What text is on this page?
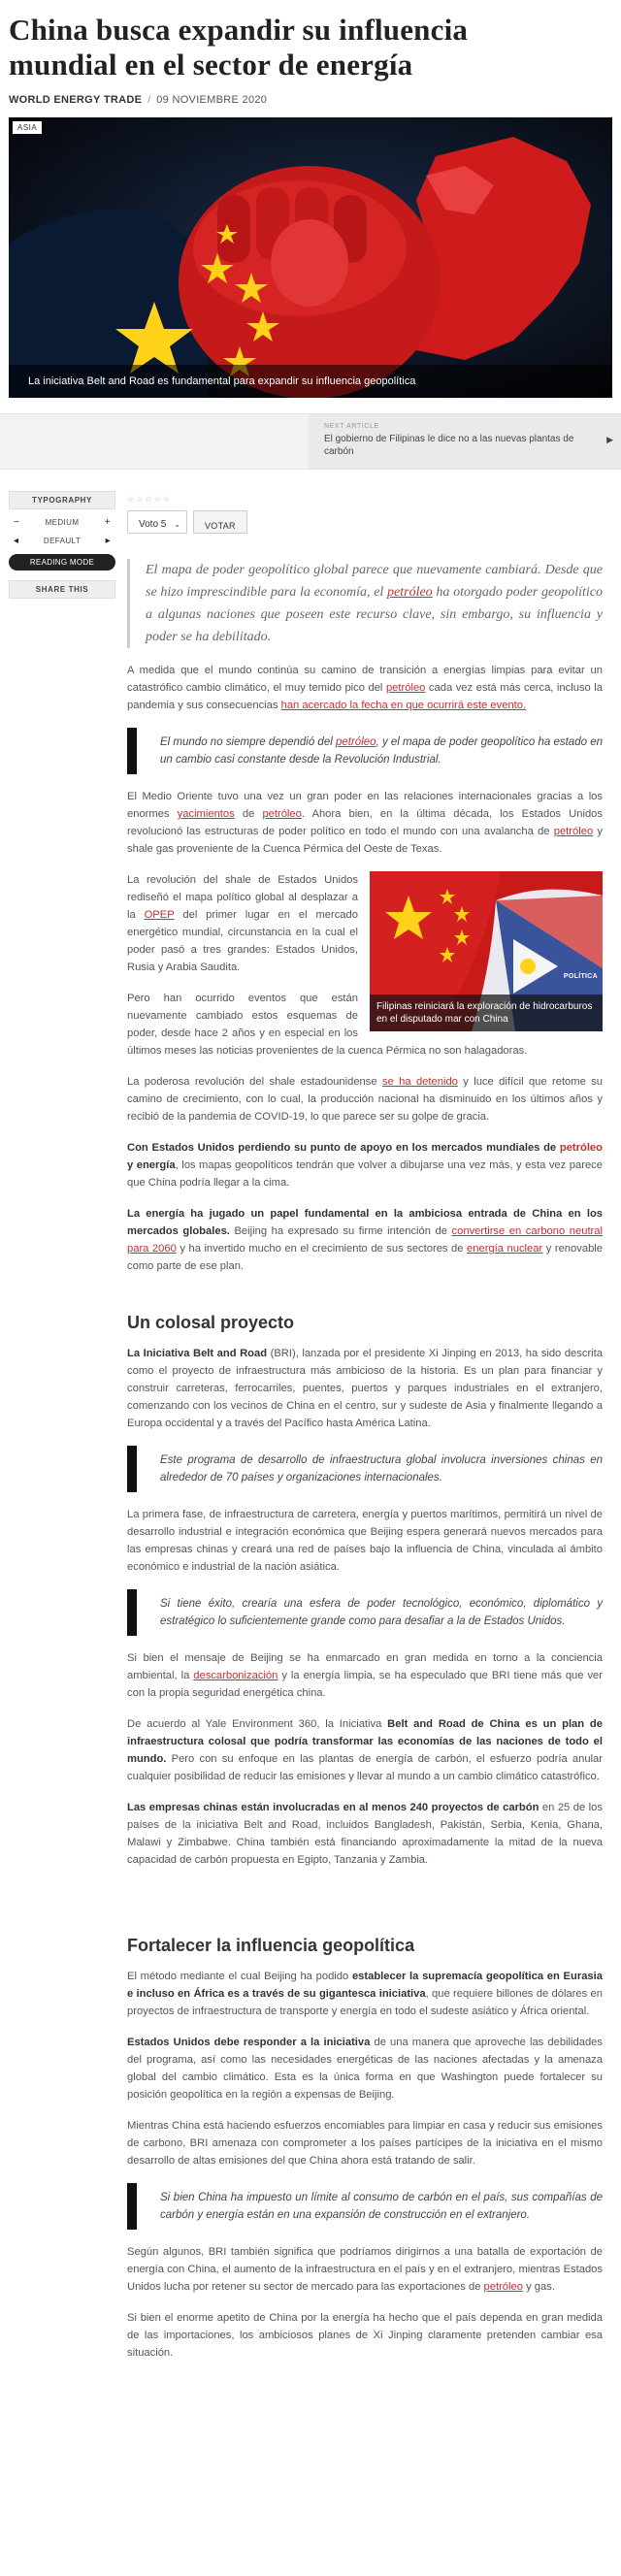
China busca expandir su influencia
mundial en el sector de energía
WORLD ENERGY TRADE / 09 NOVIEMBRE 2020
ASIA
La iniciativa Belt and Road es fundamental para expandir su influencia geopolítica
NEXT ARTICLE
El gobierno de Filipinas le dice no a las nuevas plantas de carbón
▶
TYPOGRAPHY
−	MEDIUM	+
◂	DEFAULT	▸
READING MODE
SHARE THIS
☆☆☆☆☆
Voto 5 ⌄	VOTAR
El mapa de poder geopolítico global parece que nuevamente cambiará. Desde que se hizo imprescindible para la economía, el petróleo ha otorgado poder geopolítico a algunas naciones que poseen este recurso clave, sin embargo, su influencia y poder se ha debilitado.

A medida que el mundo continúa su camino de transición a energías limpias para evitar un catastrófico cambio climático, el muy temido pico del petróleo cada vez está más cerca, incluso la pandemia y sus consecuencias han acercado la fecha en que ocurrirá este evento.

El mundo no siempre dependió del petróleo, y el mapa de poder geopolítico ha estado en un cambio casi constante desde la Revolución Industrial.

El Medio Oriente tuvo una vez un gran poder en las relaciones internacionales gracias a los enormes yacimientos de petróleo. Ahora bien, en la última década, los Estados Unidos revolucionó las estructuras de poder político en todo el mundo con una avalancha de petróleo y shale gas proveniente de la Cuenca Pérmica del Oeste de Texas.

POLÍTICA
Filipinas reiniciará la exploración de hidrocarburos en el disputado mar con China
La revolución del shale de Estados Unidos rediseñó el mapa político global al desplazar a la OPEP del primer lugar en el mercado energético mundial, circunstancia en la cual el poder pasó a tres grandes: Estados Unidos, Rusia y Arabia Saudita.

Pero han ocurrido eventos que están nuevamente cambiado estos esquemas de poder, desde hace 2 años y en especial en los últimos meses las noticias provenientes de la cuenca Pérmica no son halagadoras.

La poderosa revolución del shale estadounidense se ha detenido y luce difícil que retome su camino de crecimiento, con lo cual, la producción nacional ha disminuido en los últimos años y recibió de la pandemia de COVID-19, lo que parece ser su golpe de gracia.

Con Estados Unidos perdiendo su punto de apoyo en los mercados mundiales de petróleo y energía, los mapas geopolíticos tendrán que volver a dibujarse una vez más, y esta vez parece que China podría llegar a la cima.

La energía ha jugado un papel fundamental en la ambiciosa entrada de China en los mercados globales. Beijing ha expresado su firme intención de convertirse en carbono neutral para 2060 y ha invertido mucho en el crecimiento de sus sectores de energía nuclear y renovable como parte de ese plan.

Un colosal proyecto

La Iniciativa Belt and Road (BRI), lanzada por el presidente Xi Jinping en 2013, ha sido descrita como el proyecto de infraestructura más ambicioso de la historia. Es un plan para financiar y construir carreteras, ferrocarriles, puentes, puertos y parques industriales en el extranjero, comenzando con los vecinos de China en el centro, sur y sudeste de Asia y finalmente llegando a Europa occidental y a través del Pacífico hasta América Latina.

Este programa de desarrollo de infraestructura global involucra inversiones chinas en alrededor de 70 países y organizaciones internacionales.

La primera fase, de infraestructura de carretera, energía y puertos marítimos, permitirá un nivel de desarrollo industrial e integración económica que Beijing espera generará nuevos mercados para las empresas chinas y creará una red de países bajo la influencia de China, vinculada al ámbito económico e industrial de la nación asiática.

Si tiene éxito, crearía una esfera de poder tecnológico, económico, diplomático y estratégico lo suficientemente grande como para desafiar a la de Estados Unidos.

Si bien el mensaje de Beijing se ha enmarcado en gran medida en torno a la conciencia ambiental, la descarbonización y la energía limpia, se ha especulado que BRI tiene más que ver con la propia seguridad energética china.

De acuerdo al Yale Environment 360, la Iniciativa Belt and Road de China es un plan de infraestructura colosal que podría transformar las economías de las naciones de todo el mundo. Pero con su enfoque en las plantas de energía de carbón, el esfuerzo podría anular cualquier posibilidad de reducir las emisiones y llevar al mundo a un cambio climático catastrófico.

Las empresas chinas están involucradas en al menos 240 proyectos de carbón en 25 de los países de la iniciativa Belt and Road, incluidos Bangladesh, Pakistán, Serbia, Kenia, Ghana, Malawi y Zimbabwe. China también está financiando aproximadamente la mitad de la nueva capacidad de carbón propuesta en Egipto, Tanzania y Zambia.

Fortalecer la influencia geopolítica

El método mediante el cual Beijing ha podido establecer la supremacía geopolítica en Eurasia e incluso en África es a través de su gigantesca iniciativa, que requiere billones de dólares en proyectos de infraestructura de transporte y energía en todo el sudeste asiático y África oriental.

Estados Unidos debe responder a la iniciativa de una manera que aproveche las debilidades del programa, así como las necesidades energéticas de las naciones afectadas y la amenaza global del cambio climático. Esta es la única forma en que Washington puede fortalecer su posición geopolítica en la región a expensas de Beijing.

Mientras China está haciendo esfuerzos encomiables para limpiar en casa y reducir sus emisiones de carbono, BRI amenaza con comprometer a los países partícipes de la iniciativa en el mismo desarrollo de altas emisiones del que China ahora está tratando de salir.

Si bien China ha impuesto un límite al consumo de carbón en el país, sus compañías de carbón y energía están en una expansión de construcción en el extranjero.

Según algunos, BRI también significa que podríamos dirigirnos a una batalla de exportación de energía con China, el aumento de la infraestructura en el país y en el extranjero, mientras Estados Unidos lucha por retener su sector de mercado para las exportaciones de petróleo y gas.

Si bien el enorme apetito de China por la energía ha hecho que el país dependa en gran medida de las importaciones, los ambiciosos planes de Xi Jinping claramente pretenden cambiar esa situación.
